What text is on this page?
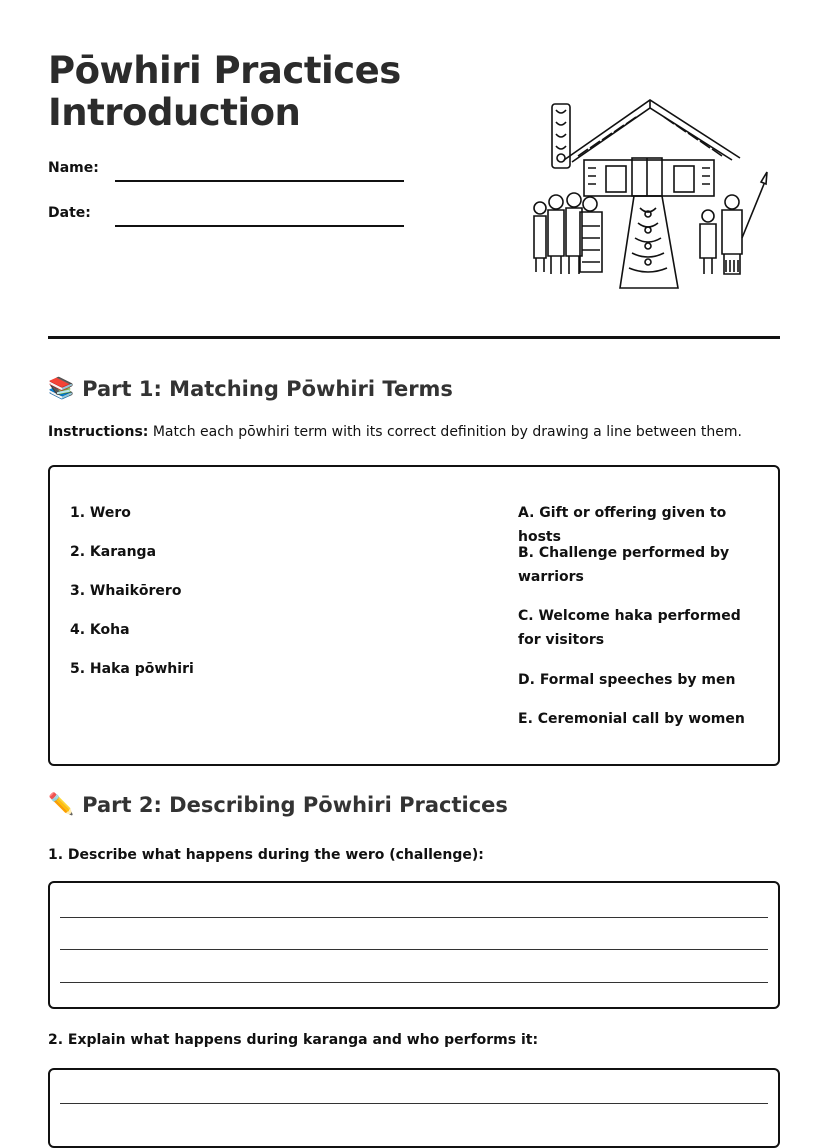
Pōwhiri Practices Introduction
Name:
Date:
📚 Part 1: Matching Pōwhiri Terms
Instructions: Match each pōwhiri term with its correct definition by drawing a line between them.
1. Wero
2. Karanga
3. Whaikōrero
4. Koha
5. Haka pōwhiri
A. Gift or offering given to hosts
B. Challenge performed by warriors
C. Welcome haka performed for visitors
D. Formal speeches by men
E. Ceremonial call by women
✏️ Part 2: Describing Pōwhiri Practices
1. Describe what happens during the wero (challenge):
2. Explain what happens during karanga and who performs it:
